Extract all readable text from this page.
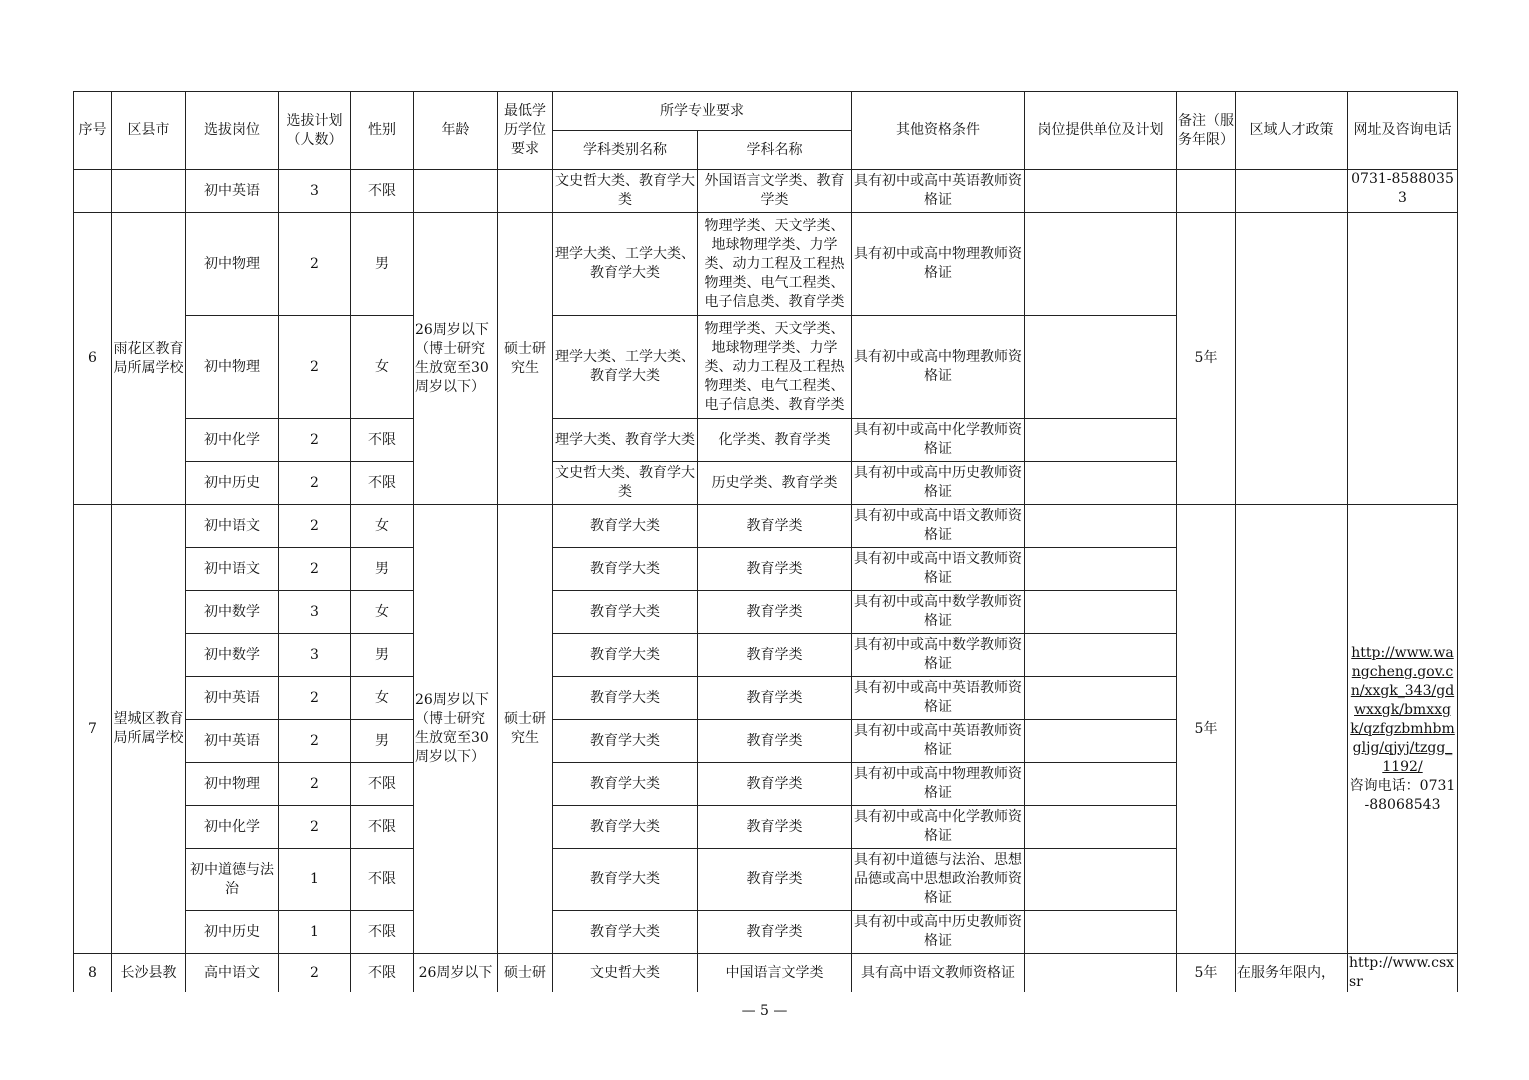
序号	区县市	选拔岗位	选拔计划（人数）	性别	年龄	最低学历学位要求	所学专业要求		其他资格条件	岗位提供单位及计划	备注（服务年限）	区域人才政策	网址及咨询电话
							学科类别名称	学科名称					
		初中英语	3	不限			文史哲大类、教育学大类	外国语言文学类、教育学类	具有初中或高中英语教师资格证				0731-85880353
6	雨花区教育局所属学校	初中物理	2	男	26周岁以下（博士研究生放宽至30周岁以下）	硕士研究生	理学大类、工学大类、教育学大类	物理学类、天文学类、地球物理学类、力学类、动力工程及工程热物理类、电气工程类、电子信息类、教育学类	具有初中或高中物理教师资格证		5年		
		初中物理	2	女			理学大类、工学大类、教育学大类	物理学类、天文学类、地球物理学类、力学类、动力工程及工程热物理类、电气工程类、电子信息类、教育学类	具有初中或高中物理教师资格证				
		初中化学	2	不限			理学大类、教育学大类	化学类、教育学类	具有初中或高中化学教师资格证				
		初中历史	2	不限			文史哲大类、教育学大类	历史学类、教育学类	具有初中或高中历史教师资格证				
7	望城区教育局所属学校	初中语文	2	女	26周岁以下（博士研究生放宽至30周岁以下）	硕士研究生	教育学大类	教育学类	具有初中或高中语文教师资格证		5年		http://www.wangcheng.gov.cn/xxgk_343/gdwxxgk/bmxxgk/qzfgzbmhbmgljg/qjyj/tzgg_1192/
咨询电话：0731-88068543

		初中语文	2	男			教育学大类	教育学类	具有初中或高中语文教师资格证				
		初中数学	3	女			教育学大类	教育学类	具有初中或高中数学教师资格证				
		初中数学	3	男			教育学大类	教育学类	具有初中或高中数学教师资格证				
		初中英语	2	女			教育学大类	教育学类	具有初中或高中英语教师资格证				
		初中英语	2	男			教育学大类	教育学类	具有初中或高中英语教师资格证				
		初中物理	2	不限			教育学大类	教育学类	具有初中或高中物理教师资格证				
		初中化学	2	不限			教育学大类	教育学类	具有初中或高中化学教师资格证				
		初中道德与法治	1	不限			教育学大类	教育学类	具有初中道德与法治、思想品德或高中思想政治教师资格证				
		初中历史	1	不限			教育学大类	教育学类	具有初中或高中历史教师资格证				
8	长沙县教	高中语文	2	不限	26周岁以下	硕士研	文史哲大类	中国语言文学类	具有高中语文教师资格证		5年	在服务年限内，	http://www.csxsr
— 5 —
